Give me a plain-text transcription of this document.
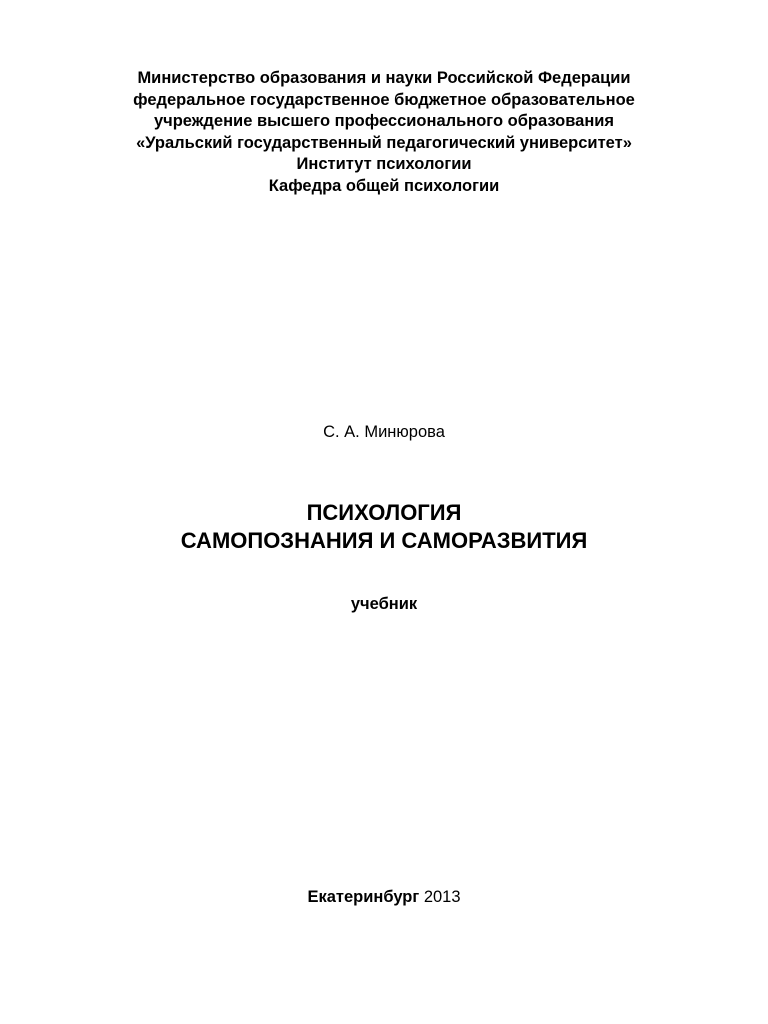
Министерство образования и науки Российской Федерации
федеральное государственное бюджетное образовательное
учреждение высшего профессионального образования
«Уральский государственный педагогический университет»
Институт психологии
Кафедра общей психологии
С. А. Минюрова
ПСИХОЛОГИЯ
САМОПОЗНАНИЯ И САМОРАЗВИТИЯ
учебник
Екатеринбург 2013
